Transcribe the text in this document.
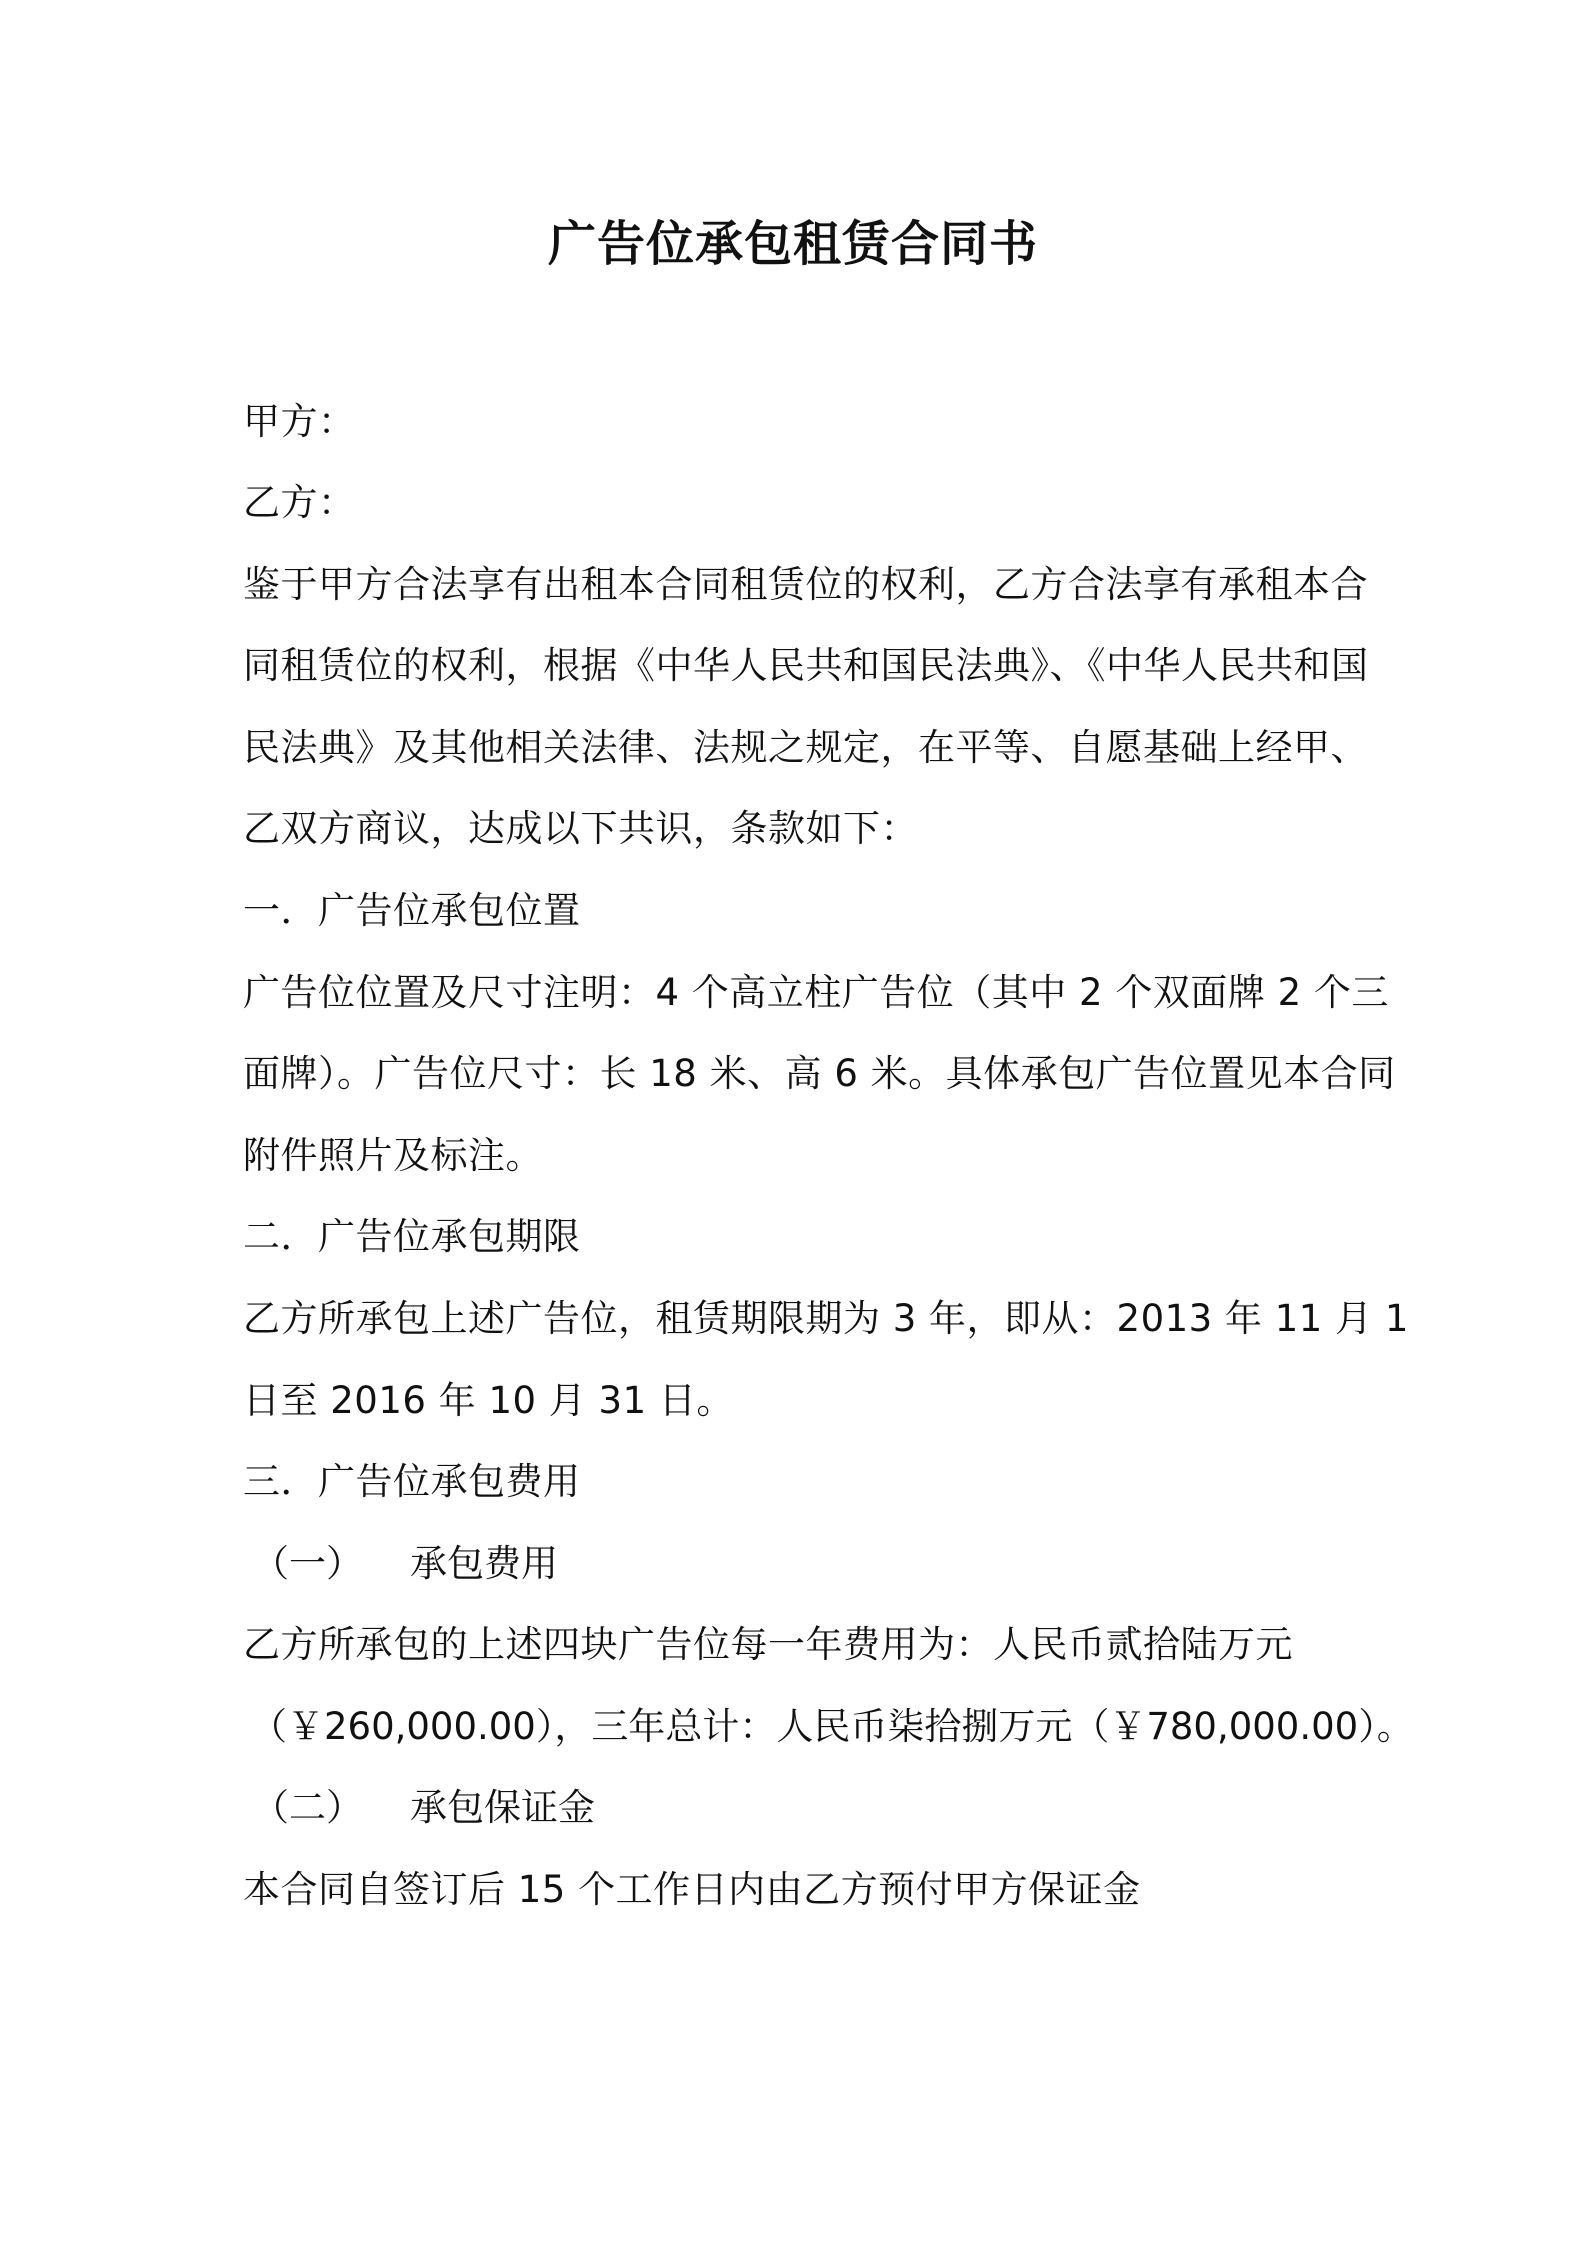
广告位承包租赁合同书
甲方：
乙方：
鉴于甲方合法享有出租本合同租赁位的权利，乙方合法享有承租本合
同租赁位的权利，根据《中华人民共和国民法典》、《中华人民共和国
民法典》及其他相关法律、法规之规定，在平等、自愿基础上经甲、
乙双方商议，达成以下共识，条款如下：
一．广告位承包位置
广告位位置及尺寸注明：4 个高立柱广告位（其中 2 个双面牌 2 个三
面牌）。广告位尺寸：长 18 米、高 6 米。具体承包广告位置见本合同
附件照片及标注。
二．广告位承包期限
乙方所承包上述广告位，租赁期限期为 3 年，即从：2013 年 11 月 1
日至 2016 年 10 月 31 日。
三．广告位承包费用
（一） 承包费用
乙方所承包的上述四块广告位每一年费用为：人民币贰拾陆万元
（￥260,000.00），三年总计：人民币柒拾捌万元（￥780,000.00）。
（二） 承包保证金
本合同自签订后 15 个工作日内由乙方预付甲方保证金
